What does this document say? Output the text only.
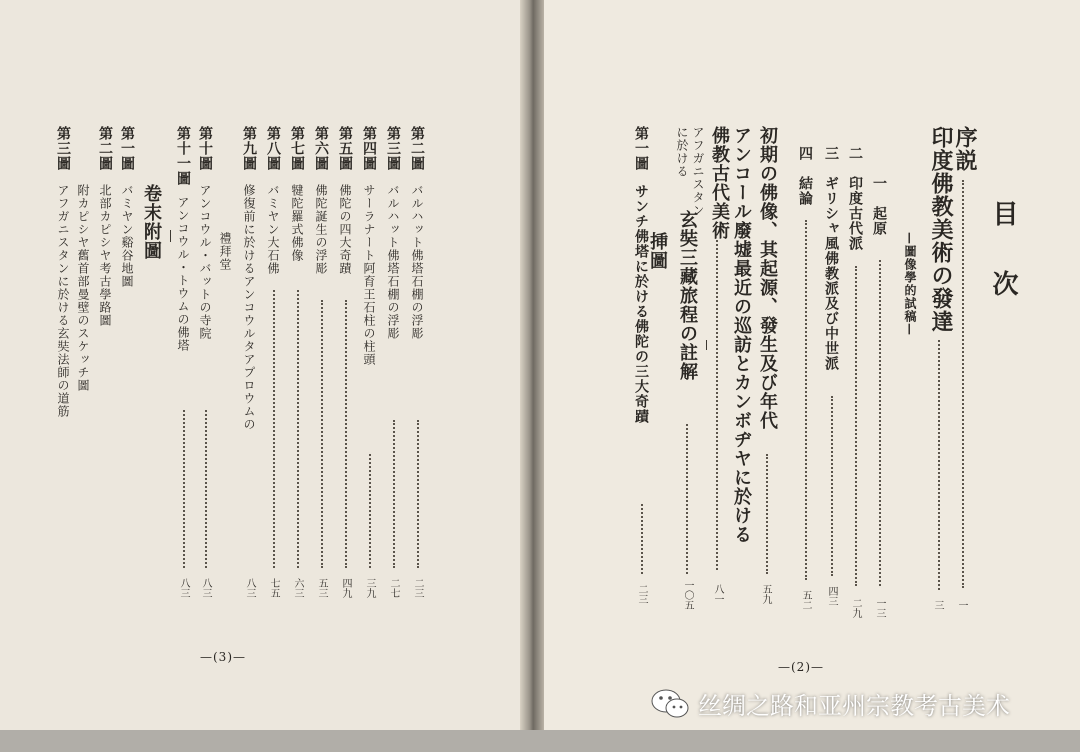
目
次
序説
一
印度佛教美術の發達
三
—圖像學的試稿—
一
起原
一三
二
印度古代派
二九
三
ギリシャ風佛教派及び中世派
四三
四
結論
五二
初期の佛像、其起源、發生及び年代
五九
アンコール廢墟最近の巡訪とカンボヂヤに於ける
佛教古代美術
八一
アフガニスタン
に於ける
玄奘三藏旅程の註解
一〇五
挿圖
第一圖
サンチ佛塔に於ける佛陀の三大奇蹟
二三
—(2)—
第二圖
バルハット佛塔石棚の浮彫
二三
第三圖
バルハット佛塔石棚の浮彫
二七
第四圖
サーラナート阿育王石柱の柱頭
三九
第五圖
佛陀の四大奇蹟
四九
第六圖
佛陀誕生の浮彫
五三
第七圖
犍陀羅式佛像
六三
第八圖
バミヤン大石佛
七五
第九圖
修復前に於けるアンコウルタアプロウムの
八三
禮拜堂
第十圖
アンコウル・バットの寺院
八三
第十一圖
アンコウル・トウムの佛塔
八三
卷末附圖
第一圖
バミヤン谿谷地圖
第二圖
北部カピシヤ考古學路圖
附カピシヤ舊首部曼壁のスケッチ圖
第三圖
アフガニスタンに於ける玄奘法師の道筋
—(3)—
丝绸之路和亚州宗教考古美术
